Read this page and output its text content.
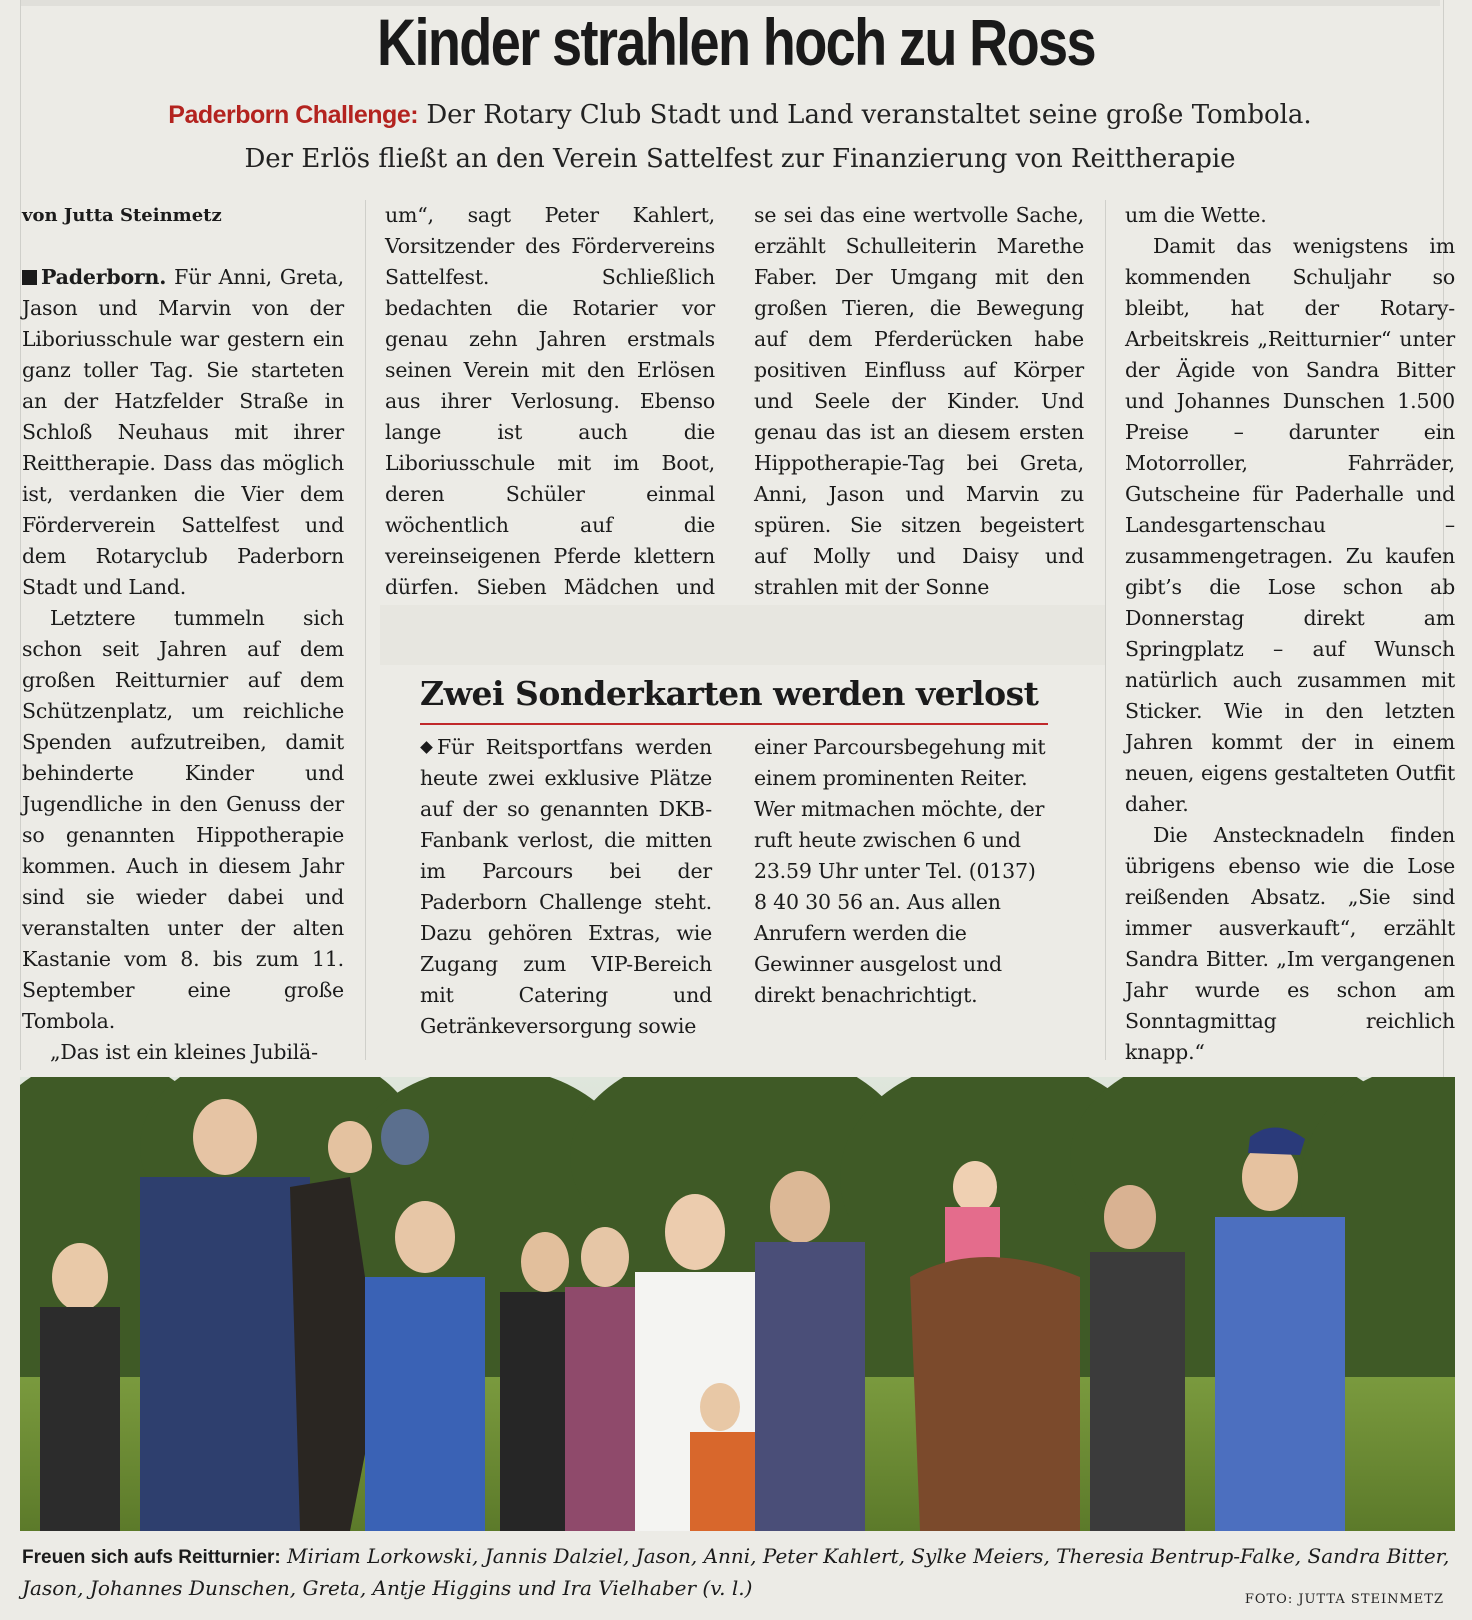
Kinder strahlen hoch zu Ross
Paderborn Challenge: Der Rotary Club Stadt und Land veranstaltet seine große Tombola.
Der Erlös fließt an den Verein Sattelfest zur Finanzierung von Reittherapie
von Jutta Steinmetz

Paderborn. Für Anni, Greta, Jason und Marvin von der Liboriusschule war gestern ein ganz toller Tag. Sie starteten an der Hatzfelder Straße in Schloß Neuhaus mit ihrer Reittherapie. Dass das möglich ist, verdanken die Vier dem Förderverein Sattelfest und dem Rotaryclub Paderborn Stadt und Land.

Letztere tummeln sich schon seit Jahren auf dem großen Reitturnier auf dem Schützenplatz, um reichliche Spenden aufzutreiben, damit behinderte Kinder und Jugendliche in den Genuss der so genannten Hippotherapie kommen. Auch in diesem Jahr sind sie wieder dabei und veranstalten unter der alten Kastanie vom 8. bis zum 11. September eine große Tombola.

„Das ist ein kleines Jubilä-

um“, sagt Peter Kahlert, Vorsitzender des Fördervereins Sattelfest. Schließlich bedachten die Rotarier vor genau zehn Jahren erstmals seinen Verein mit den Erlösen aus ihrer Verlosung. Ebenso lange ist auch die Liboriusschule mit im Boot, deren Schüler einmal wöchentlich auf die vereinseigenen Pferde klettern dürfen. Sieben Mädchen und

se sei das eine wertvolle Sache, erzählt Schulleiterin Marethe Faber. Der Umgang mit den großen Tieren, die Bewegung auf dem Pferderücken habe positiven Einfluss auf Körper und Seele der Kinder. Und genau das ist an diesem ersten Hippotherapie-Tag bei Greta, Anni, Jason und Marvin zu spüren. Sie sitzen begeistert auf Molly und Daisy und strahlen mit der Sonne

um die Wette.

Damit das wenigstens im kommenden Schuljahr so bleibt, hat der Rotary-Arbeitskreis „Reitturnier“ unter der Ägide von Sandra Bitter und Johannes Dunschen 1.500 Preise – darunter ein Motorroller, Fahrräder, Gutscheine für Paderhalle und Landesgartenschau – zusammengetragen. Zu kaufen gibt’s die Lose schon ab Donnerstag direkt am Springplatz – auf Wunsch natürlich auch zusammen mit Sticker. Wie in den letzten Jahren kommt der in einem neuen, eigens gestalteten Outfit daher.

Die Anstecknadeln finden übrigens ebenso wie die Lose reißenden Absatz. „Sie sind immer ausverkauft“, erzählt Sandra Bitter. „Im vergangenen Jahr wurde es schon am Sonntagmittag reichlich knapp.“

Zwei Sonderkarten werden verlost

Für Reitsportfans werden heute zwei exklusive Plätze auf der so genannten DKB-Fanbank verlost, die mitten im Parcours bei der Paderborn Challenge steht. Dazu gehören Extras, wie Zugang zum VIP-Bereich mit Catering und Getränkeversorgung sowie

einer Parcoursbegehung mit einem prominenten Reiter. Wer mitmachen möchte, der ruft heute zwischen 6 und 23.59 Uhr unter Tel. (0137) 8 40 30 56 an. Aus allen Anrufern werden die Gewinner ausgelost und direkt benachrichtigt.

Freuen sich aufs Reitturnier: Miriam Lorkowski, Jannis Dalziel, Jason, Anni, Peter Kahlert, Sylke Meiers, Theresia Bentrup-Falke, Sandra Bitter, Jason, Johannes Dunschen, Greta, Antje Higgins und Ira Vielhaber (v. l.)	FOTO: JUTTA STEINMETZ
